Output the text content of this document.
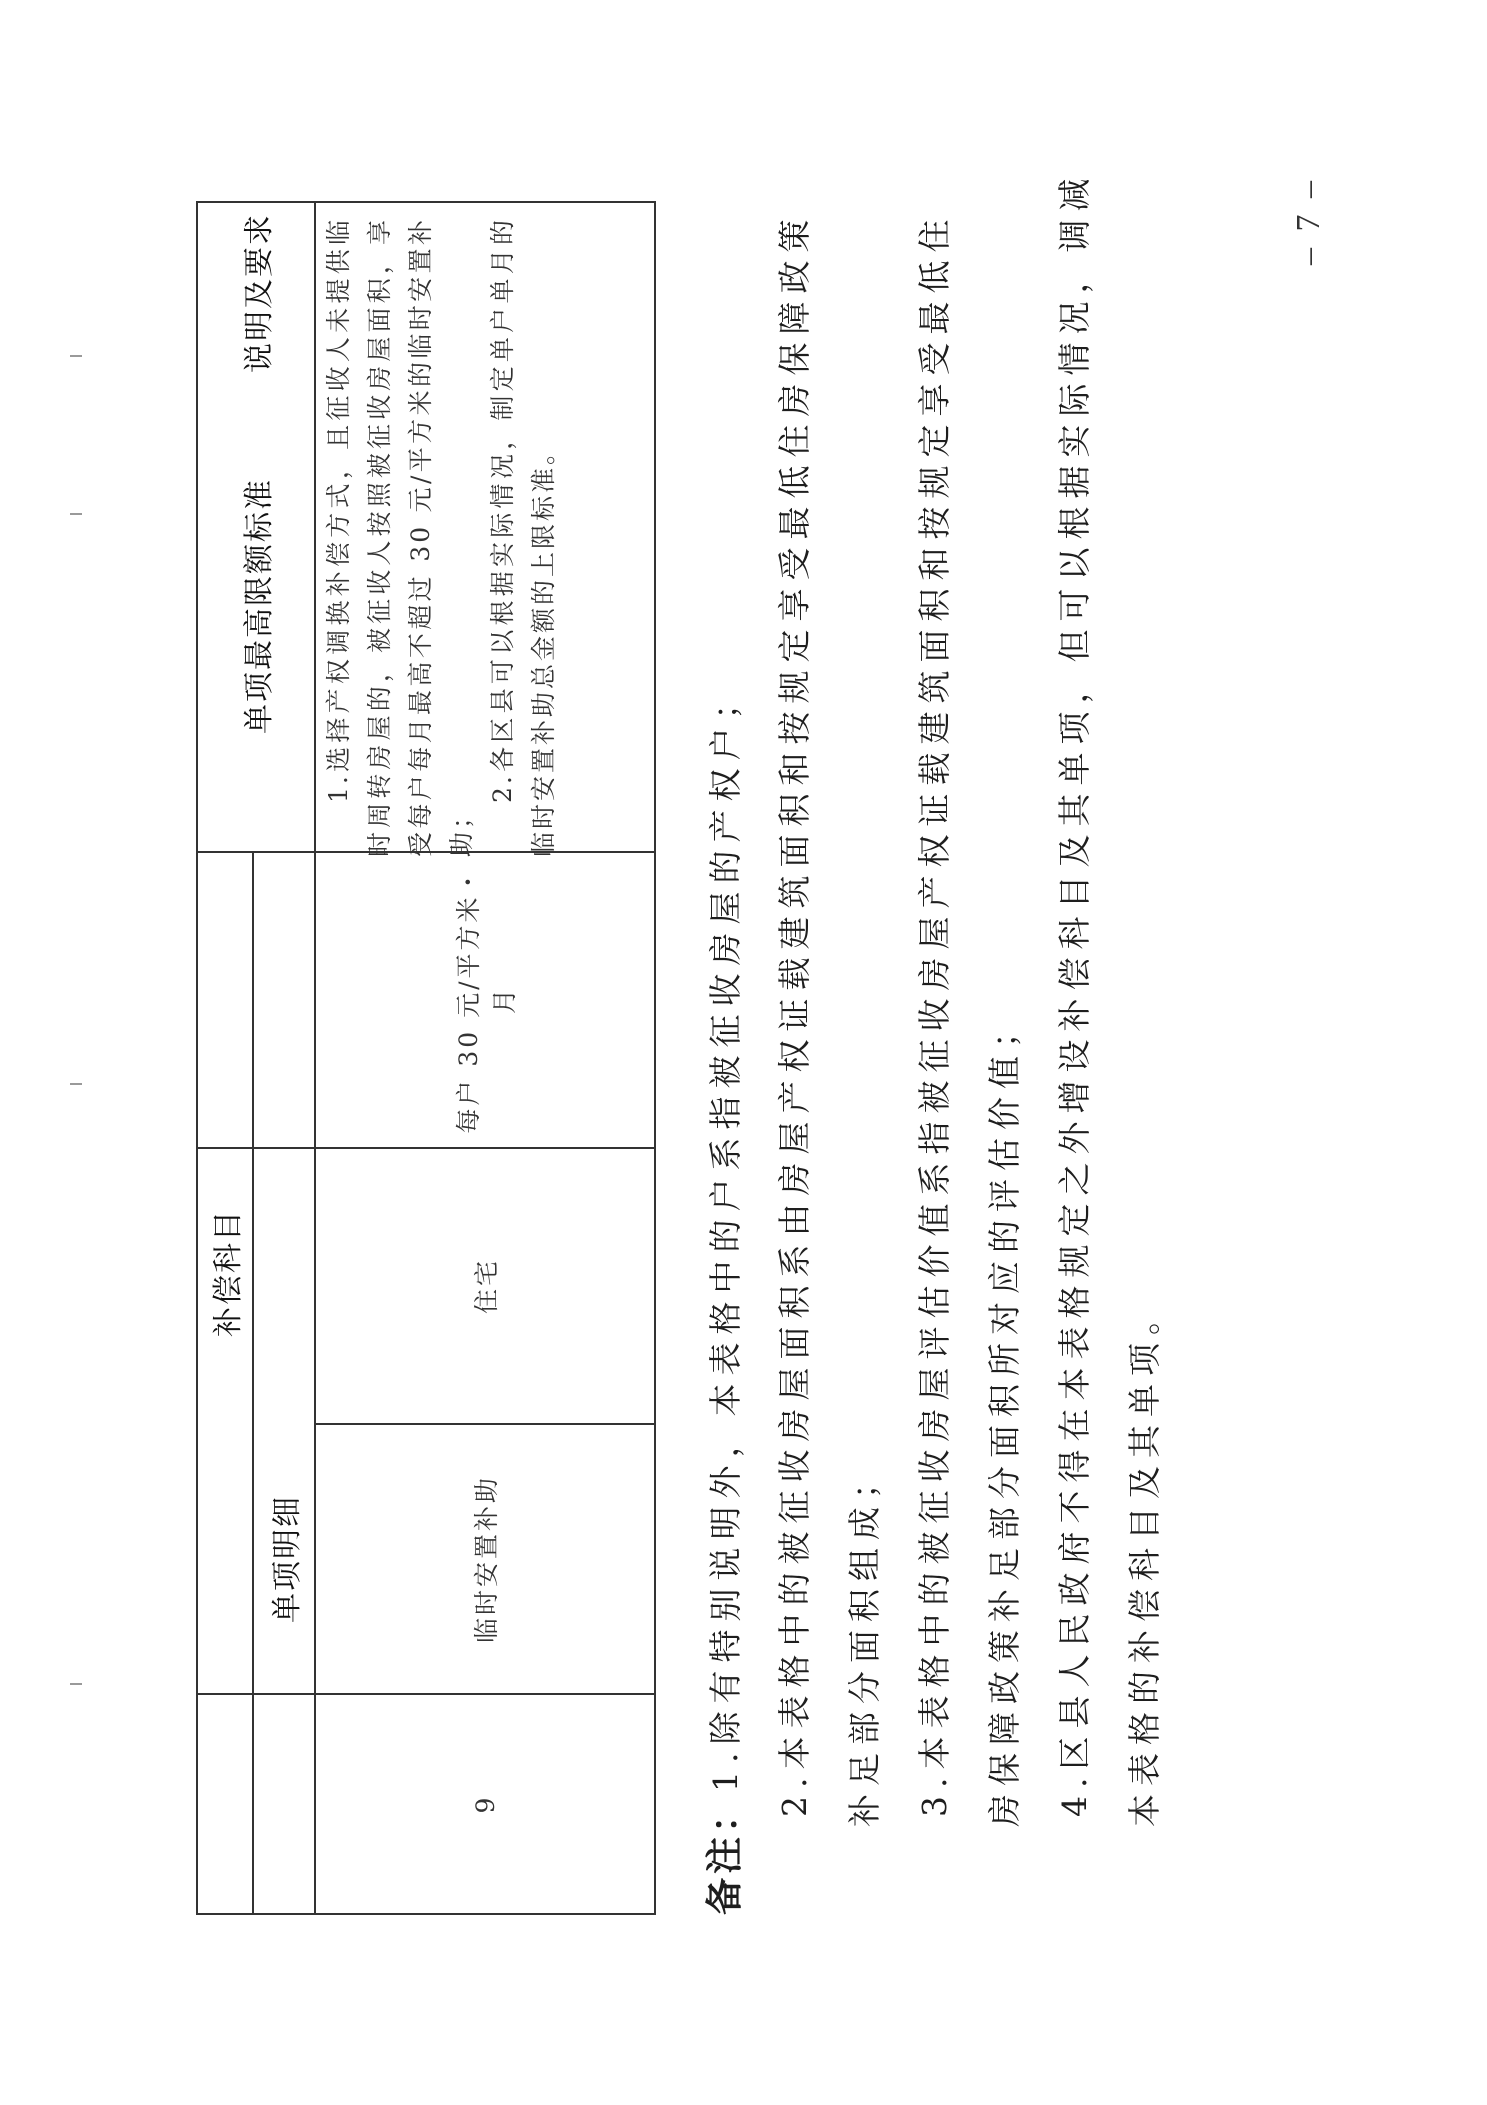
– 7 –
补偿科目
单项明细
单项最高限额标准
说明及要求
9
临时安置补助
住宅
每户 30 元/平方米・月

1.选择产权调换补偿方式，且征收人未提供临时周转房屋的，被征收人按照被征收房屋面积，享受每户每月最高不超过 30 元/平方米的临时安置补助；

2.各区县可以根据实际情况，制定单户单月的临时安置补助总金额的上限标准。

备注：1.除有特别说明外，本表格中的户系指被征收房屋的产权户； 2.本表格中的被征收房屋面积系由房屋产权证载建筑面积和按规定享受最低住房保障政策 补足部分面积组成； 3.本表格中的被征收房屋评估价值系指被征收房屋产权证载建筑面积和按规定享受最低住 房保障政策补足部分面积所对应的评估价值； 4.区县人民政府不得在本表格规定之外增设补偿科目及其单项，但可以根据实际情况，调减 本表格的补偿科目及其单项。
